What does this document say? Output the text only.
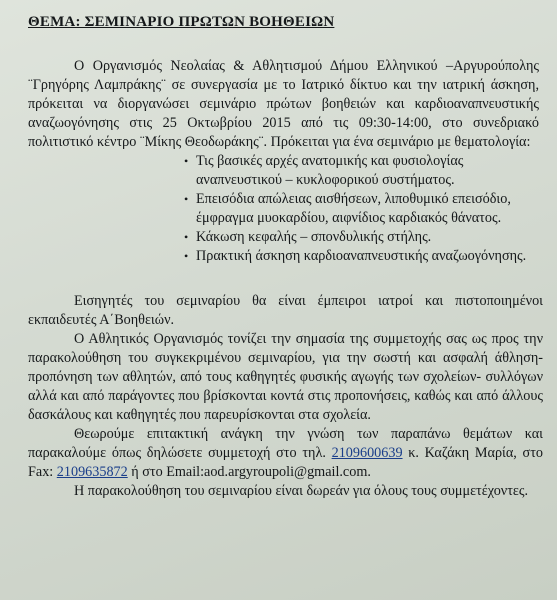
ΘΕΜΑ: ΣΕΜΙΝΑΡΙΟ ΠΡΩΤΩΝ ΒΟΗΘΕΙΩΝ

Ο Οργανισμός Νεολαίας & Αθλητισμού Δήμου Ελληνικού –Αργυρούπολης ¨Γρηγόρης Λαμπράκης¨ σε συνεργασία με το Ιατρικό δίκτυο και την ιατρική άσκηση, πρόκειται να διοργανώσει σεμινάριο πρώτων βοηθειών και καρδιοαναπνευστικής αναζωογόνησης στις 25 Οκτωβρίου 2015 από τις 09:30-14:00, στο συνεδριακό πολιτιστικό κέντρο ¨Μίκης Θεοδωράκης¨. Πρόκειται για ένα σεμινάριο με θεματολογία:

• Τις βασικές αρχές ανατομικής και φυσιολογίας
αναπνευστικού – κυκλοφορικού συστήματος.
• Επεισόδια απώλειας αισθήσεων, λιποθυμικό επεισόδιο,
έμφραγμα μυοκαρδίου, αιφνίδιος καρδιακός θάνατος.
• Κάκωση κεφαλής – σπονδυλικής στήλης.
• Πρακτική άσκηση καρδιοαναπνευστικής αναζωογόνησης.

Εισηγητές του σεμιναρίου θα είναι έμπειροι ιατροί και πιστοποιημένοι εκπαιδευτές Α΄Βοηθειών.

Ο Αθλητικός Οργανισμός τονίζει την σημασία της συμμετοχής σας ως προς την παρακολούθηση του συγκεκριμένου σεμιναρίου, για την σωστή και ασφαλή άθληση- προπόνηση των αθλητών, από τους καθηγητές φυσικής αγωγής των σχολείων- συλλόγων αλλά και από παράγοντες που βρίσκονται κοντά στις προπονήσεις, καθώς και από άλλους δασκάλους και καθηγητές που παρευρίσκονται στα σχολεία.

Θεωρούμε επιτακτική ανάγκη την γνώση των παραπάνω θεμάτων και παρακαλούμε όπως δηλώσετε συμμετοχή στο τηλ. 2109600639 κ. Καζάκη Μαρία, στο Fax: 2109635872 ή στο Email:aod.argyroupoli@gmail.com.

Η παρακολούθηση του σεμιναρίου είναι δωρεάν για όλους τους συμμετέχοντες.
